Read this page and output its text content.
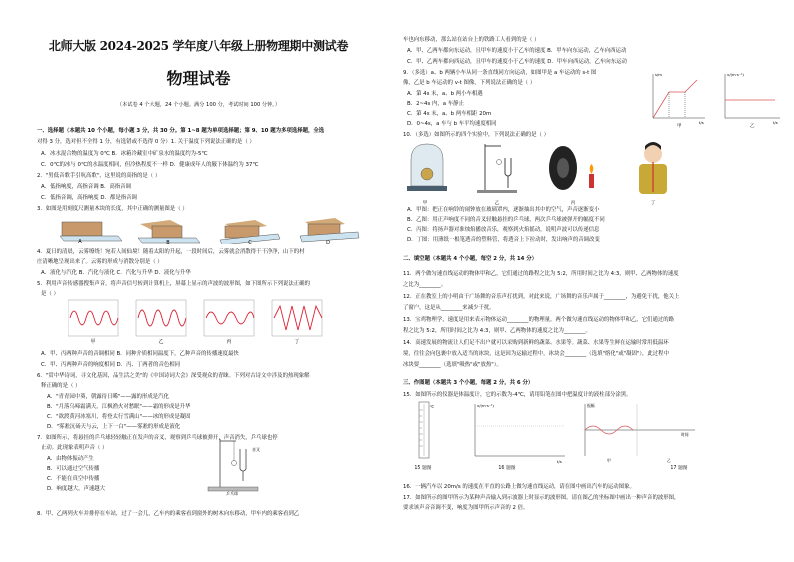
北师大版 2024-2025 学年度八年级上册物理期中测试卷
物理试卷
（本试卷 4 个大题，24 个小题。满分 100 分，考试时间 100 分钟。）
一、选择题（本题共 10 个小题，每小题 3 分，共 30 分。第 1~8 题为单项选择题；第 9、10 题为多项选择题，全选
对得 3 分，选对但不全得 1 分，有选错或不选得 0 分）1. 关于温度下列说法正确的是（ ）
A．冰水混合物的温度为 0℃ B．冰箱冷藏室中矿泉水的温度约为-5℃
C．0℃的冰与 0℃的水温度相同，但冷热程度不一样 D．健康成年人的腋下体温约为 37℃
2．"男低音歌手引吭高歌"，这里说的高指的是（ ）
A．低指响度，高指音调 B．高指音调
C．低指音调，高指响度 D．都是指音调
3．如图是用刻度尺测量木块的长度，其中正确的测量图是（ ）
A	B	C	D
4．夏日的清晨，云雾缭绕！宛若人间仙境！随着太阳的升起，一段时间后，云雾就会消散得干干净净，山下的村
庄清晰地呈现出来了。云雾的形成与消散分别是（ ）
A．液化与汽化 B．汽化与液化 C．汽化与升华 D．液化与升华
5．利用声音传感器搜集声音，将声音信号转到计算机上，屏幕上显示的声波的波形图，如下图所示下列说法正确的
是（ ）
甲	乙	丙	丁
A．甲、丙两种声音的音调相同 B．同种介质相同温度下，乙种声音的传播速度最快
C．甲、丙两种声音的响度相同 D．丙、丁两者的音色相同
6．"赏中华诗词，寻文化基因，品生活之美"的《中国诗词大会》深受观众的青睐。下列对古诗文中涉及的热现象解
释正确的是（ ）
A．"青青园中葵，朝露待日晞"——露的形成是汽化
B．"月落乌啼霜满天，江枫渔火对愁眠"——霜的形成是升华
C．"欲渡黄河冰塞川，将登太行雪满山"——冰的形成是凝固
D．"雾凇沆砀天与云，上下一白"——雾凇的形成是液化
7．如图所示，将悬挂的乒乓球轻轻触正在发声的音叉，观察到乒乓球被弹开，声音消失，乒乓球也停
止动。此现象表明声音（ ）
A．由物体振动产生
B．可以通过空气传播
C．不能在真空中传播
D．响度越大，声速越大
音叉
乒乓球
8．甲、乙两列火车并排停在车站，过了一会儿，乙车内的乘客看到窗外的树木向东移动，甲车内的乘客看到乙
车也向东移动，那么站在站台上的铁路工人看到的是（ ）
A．甲、乙两车都向东运动，且甲车的速度小于乙车的速度 B．甲车向东运动，乙车向西运动
C．甲、乙两车都向西运动，且甲车的速度小于乙车的速度 D．甲车向西运动，乙车向东运动
9．（多选）a、b 两辆小车从同一条直线同方向运动，如图甲是 a 车运动的 s-t 图
像，乙是 b 车运动的 v-t 图像，下列说法正确的是（ ）
A．第 4s 末，a、b 两小车相遇
B．2~4s 内，a 车静止
C．第 4s 末，a、b 两车相距 20m
D．0~4s，a 车与 b 车平均速度相同
s/m
t/s
v/(m·s⁻¹)
t/s
甲	乙
10．（多选）如图所示的四个实验中，下列说法正确的是（ ）
甲	乙	丙	丁
A．甲图：把正在响铃的闹钟放在玻璃罩内，逐渐抽出其中的空气，声音逐渐变小
B．乙图：用正声响度不同的音叉轻触悬挂的乒乓球，两次乒乓球被弹开的幅度不同
C．丙图：将扬声器对准烛焰播放音乐，观察到火焰摇动，说明声波可以传递信息
D．丁图：用薄纸一根笔透音的塑料管，将透音上下拉动时，发出响声的音调改变
二、填空题（本题共 4 个小题，每空 2 分，共 14 分）
11．两个做匀速直线运动的物体甲和乙，它们通过的路程之比为 5:2，所用时间之比为 4:3，则甲、乙两物体的速度
之比为________。
12．正在教室上的小明由于广场舞的音乐声打扰到，对此来说，广场舞的音乐声属于________，为避免干扰，他关上
了窗户，这是从________来减少干扰。
13．宝鸡物理学，速度是用来表示物体运动________的物理量。两个做匀速直线运动的物体甲和乙，它们通过的路
程之比为 5:2，所用时间之比为 4:3，则甲、乙两物体的速度之比为________。
14．高速发展的物流让人们足不出户就可以采购到新鲜的蔬菜、水果等。蔬菜、水果等生鲜在运输时常用低温环
境，往往会向包裹中放入适当的冰块，这是因为运输过程中，冰块会________（选填"熔化"或"凝固"），此过程中
冰块要________（选填"吸热"或"放热"）。
三、作图题（本题共 3 个小题，每题 2 分，共 6 分）
15．如图所示的仪器是体温度计，它的示数为-4℃，请用铅笔在图中把温度计的液柱部分涂黑。
℃	v/(m·s⁻¹)
t/s
振幅
时间
甲	乙
15 题图	16 题图	17 题图
16．一辆汽车以 20m/s 的速度在平直的公路上做匀速直线运动，请在图中画出汽车的运动图象。
17．如图所示的图甲所示为某种声音输入到示波器上时显示的波形图。请在图乙的坐标图中画出一种声音的波形图，
要求该声音音调不变，响度为图甲所示声音的 2 倍。
